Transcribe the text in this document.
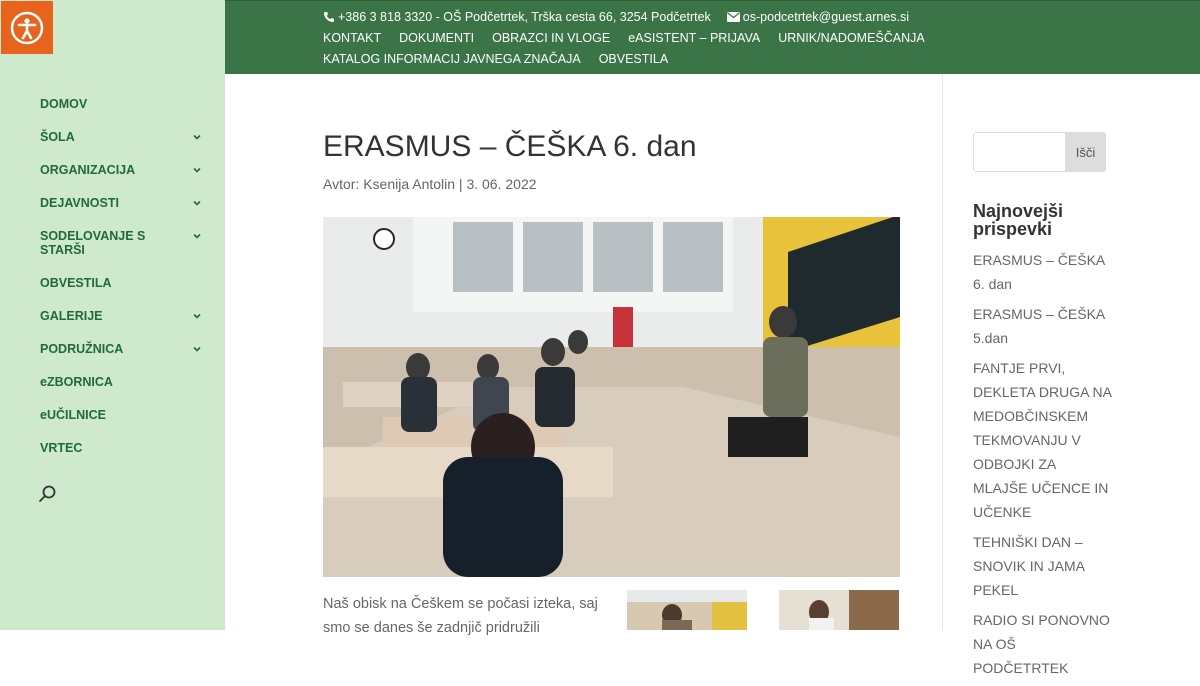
DOMOV
ŠOLA
ORGANIZACIJA
DEJAVNOSTI
SODELOVANJE S STARŠI
OBVESTILA
GALERIJE
PODRUŽNICA
eZBORNICA
eUČILNICE
VRTEC
+386 3 818 3320 - OŠ Podčetrtek, Trška cesta 66, 3254 Podčetrtek	os-podcetrtek@guest.arnes.si
KONTAKT DOKUMENTI OBRAZCI IN VLOGE eASISTENT – PRIJAVA URNIK/NADOMEŠČANJA
KATALOG INFORMACIJ JAVNEGA ZNAČAJA OBVESTILA
ERASMUS – ČEŠKA 6. dan
Avtor: Ksenija Antolin | 3. 06. 2022

Naš obisk na Češkem se počasi izteka, saj smo se danes še zadnjič pridružili

Išči
Najnovejši prispevki
ERASMUS – ČEŠKA 6. dan
ERASMUS – ČEŠKA 5.dan
FANTJE PRVI, DEKLETA DRUGA NA MEDOBČINSKEM TEKMOVANJU V ODBOJKI ZA MLAJŠE UČENCE IN UČENKE
TEHNIŠKI DAN – SNOVIK IN JAMA PEKEL
RADIO SI PONOVNO NA OŠ PODČETRTEK
